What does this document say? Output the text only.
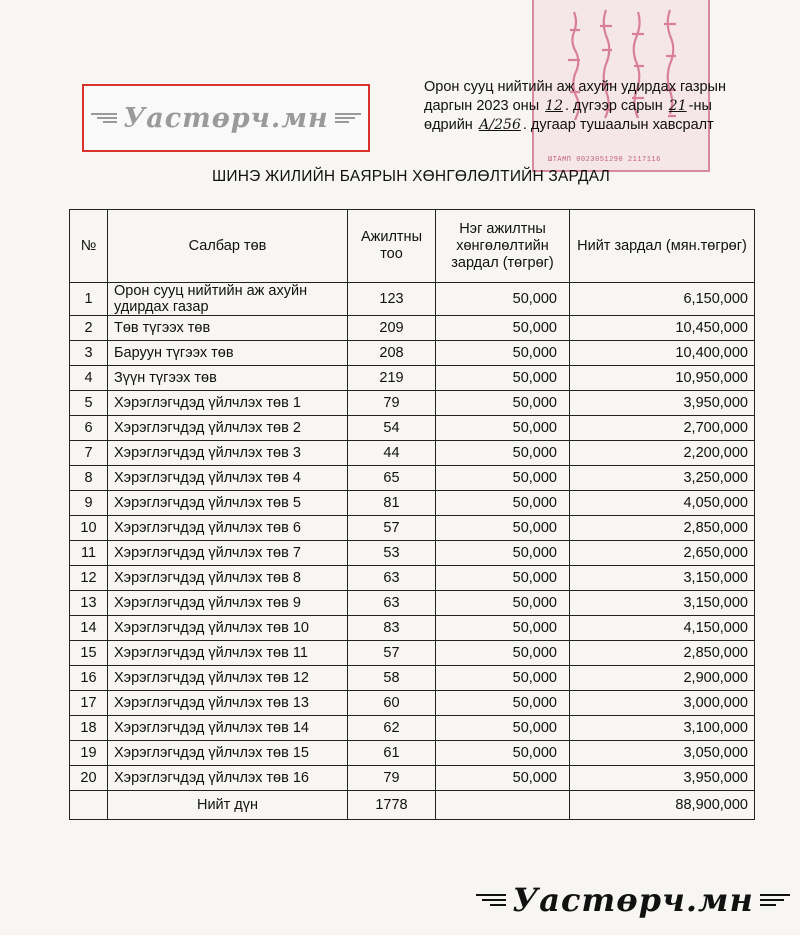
ШТАМП 0023051290 2117116
Уастөрч.мн
Орон сууц нийтийн аж ахуйн удирдах газрын
даргын 2023 оны 12 . дүгээр сарын 21 -ны
өдрийн А/256 . дугаар тушаалын хавсралт
ШИНЭ ЖИЛИЙН БАЯРЫН ХӨНГӨЛӨЛТИЙН ЗАРДАЛ
№	Салбар төв	Ажилтны тоо	Нэг ажилтны хөнгөлөлтийн зардал (төгрөг)	Нийт зардал (мян.төгрөг)
1	Орон сууц нийтийн аж ахуйн удирдах газар	123	50,000	6,150,000
2	Төв түгээх төв	209	50,000	10,450,000
3	Баруун түгээх төв	208	50,000	10,400,000
4	Зүүн түгээх төв	219	50,000	10,950,000
5	Хэрэглэгчдэд үйлчлэх төв 1	79	50,000	3,950,000
6	Хэрэглэгчдэд үйлчлэх төв 2	54	50,000	2,700,000
7	Хэрэглэгчдэд үйлчлэх төв 3	44	50,000	2,200,000
8	Хэрэглэгчдэд үйлчлэх төв 4	65	50,000	3,250,000
9	Хэрэглэгчдэд үйлчлэх төв 5	81	50,000	4,050,000
10	Хэрэглэгчдэд үйлчлэх төв 6	57	50,000	2,850,000
11	Хэрэглэгчдэд үйлчлэх төв 7	53	50,000	2,650,000
12	Хэрэглэгчдэд үйлчлэх төв 8	63	50,000	3,150,000
13	Хэрэглэгчдэд үйлчлэх төв 9	63	50,000	3,150,000
14	Хэрэглэгчдэд үйлчлэх төв 10	83	50,000	4,150,000
15	Хэрэглэгчдэд үйлчлэх төв 11	57	50,000	2,850,000
16	Хэрэглэгчдэд үйлчлэх төв 12	58	50,000	2,900,000
17	Хэрэглэгчдэд үйлчлэх төв 13	60	50,000	3,000,000
18	Хэрэглэгчдэд үйлчлэх төв 14	62	50,000	3,100,000
19	Хэрэглэгчдэд үйлчлэх төв 15	61	50,000	3,050,000
20	Хэрэглэгчдэд үйлчлэх төв 16	79	50,000	3,950,000
	Нийт дүн	1778		88,900,000
Уастөрч.мн
